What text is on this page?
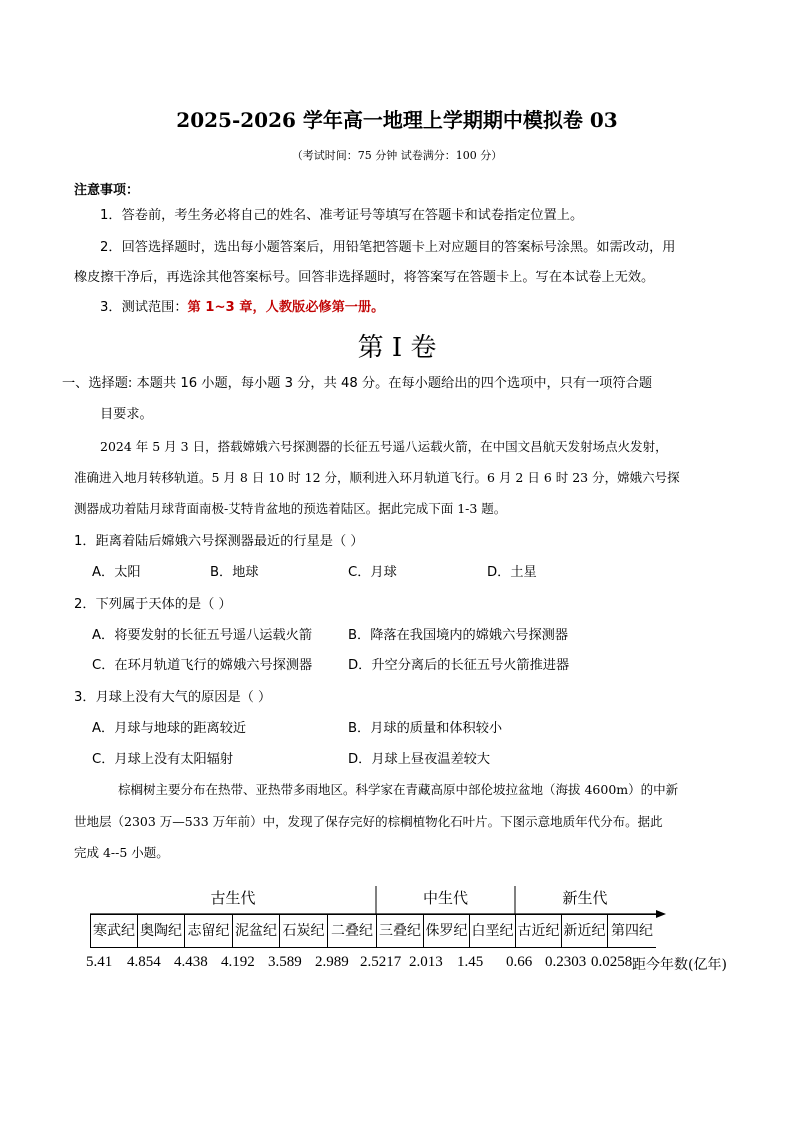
2025-2026 学年高一地理上学期期中模拟卷 03
（考试时间：75 分钟 试卷满分：100 分）
注意事项：
1．答卷前，考生务必将自己的姓名、准考证号等填写在答题卡和试卷指定位置上。
2．回答选择题时，选出每小题答案后，用铅笔把答题卡上对应题目的答案标号涂黑。如需改动，用
橡皮擦干净后，再选涂其他答案标号。回答非选择题时，将答案写在答题卡上。写在本试卷上无效。
3．测试范围：第 1~3 章，人教版必修第一册。
第 I 卷
一、选择题: 本题共 16 小题，每小题 3 分，共 48 分。在每小题给出的四个选项中，只有一项符合题
目要求。
2024 年 5 月 3 日，搭载嫦娥六号探测器的长征五号遥八运载火箭，在中国文昌航天发射场点火发射，
准确进入地月转移轨道。5 月 8 日 10 时 12 分，顺利进入环月轨道飞行。6 月 2 日 6 时 23 分，嫦娥六号探
测器成功着陆月球背面南极-艾特肯盆地的预选着陆区。据此完成下面 1-3 题。
1．距离着陆后嫦娥六号探测器最近的行星是（ ）
A．太阳	B．地球	C．月球	D．土星
2．下列属于天体的是（ ）
A．将要发射的长征五号遥八运载火箭	B．降落在我国境内的嫦娥六号探测器
C．在环月轨道飞行的嫦娥六号探测器	D．升空分离后的长征五号火箭推进器
3．月球上没有大气的原因是（ ）
A．月球与地球的距离较近	B．月球的质量和体积较小
C．月球上没有太阳辐射	D．月球上昼夜温差较大
棕榈树主要分布在热带、亚热带多雨地区。科学家在青藏高原中部伦坡拉盆地（海拔 4600m）的中新
世地层（2303 万—533 万年前）中，发现了保存完好的棕榈植物化石叶片。下图示意地质年代分布。据此
完成 4--5 小题。
古生代	中生代	新生代
寒武纪 奥陶纪 志留纪 泥盆纪 石炭纪 二叠纪 三叠纪 侏罗纪 白垩纪 古近纪 新近纪 第四纪
5.41 4.854 4.438 4.192 3.589 2.989 2.5217 2.013 1.45 0.66 0.2303 0.0258 距今年数(亿年)
